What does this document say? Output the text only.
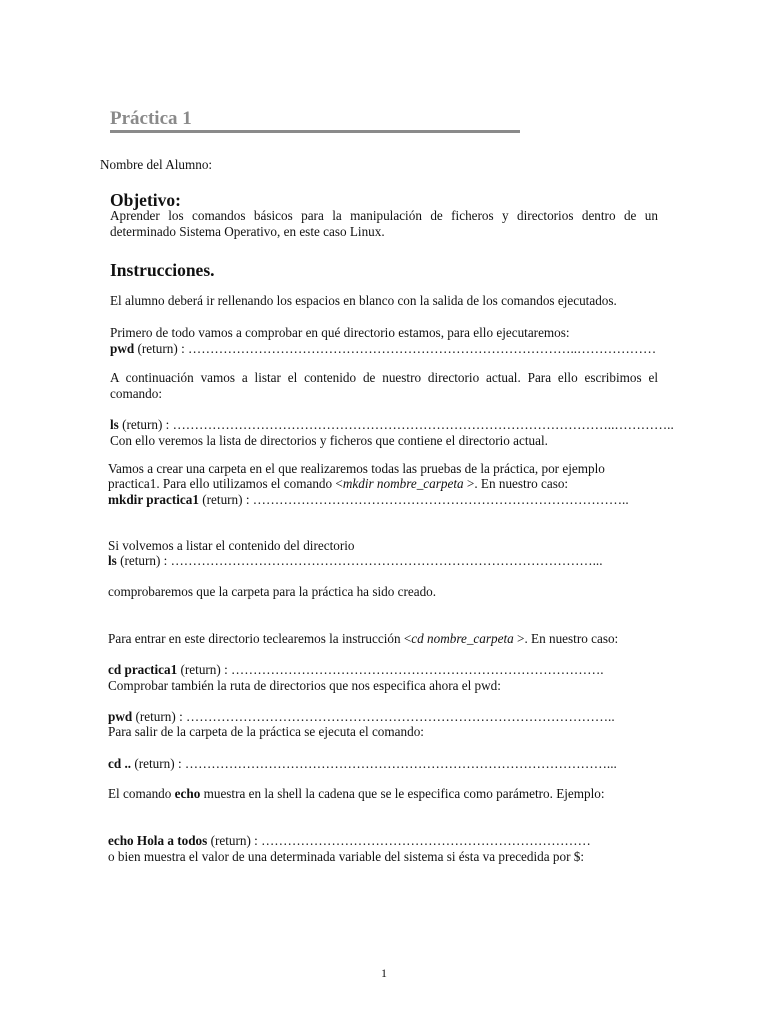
Práctica 1
Nombre del Alumno:
Objetivo:
Aprender los comandos básicos para la manipulación de ficheros y directorios dentro de un determinado Sistema Operativo, en este caso Linux.
Instrucciones.
El alumno deberá ir rellenando los espacios en blanco con la salida de los comandos ejecutados.
Primero de todo vamos a comprobar en qué directorio estamos, para ello ejecutaremos:
pwd (return) : ……………………………………………………………………………..………………
A continuación vamos a listar el contenido de nuestro directorio actual. Para ello escribimos el comando:
ls (return) : ………………………………………………………………………………………..…………..
Con ello veremos la lista de directorios y ficheros que contiene el directorio actual.
Vamos a crear una carpeta en el que realizaremos todas las pruebas de la práctica, por ejemplo
practica1. Para ello utilizamos el comando <mkdir nombre_carpeta >. En nuestro caso:
mkdir practica1 (return) : …………………………………………………………………………..
Si volvemos a listar el contenido del directorio
ls (return) : ……………………………………………………………………………………...
comprobaremos que la carpeta para la práctica ha sido creado.
Para entrar en este directorio teclearemos la instrucción <cd nombre_carpeta >. En nuestro caso:
cd practica1 (return) : ………………………………………………………………………….
Comprobar también la ruta de directorios que nos especifica ahora el pwd:
pwd (return) : ……………………………………………………………………………………..
Para salir de la carpeta de la práctica se ejecuta el comando:
cd .. (return) : ……………………………………………………………………………………...
El comando echo muestra en la shell la cadena que se le especifica como parámetro. Ejemplo:
echo Hola a todos (return) : …………………………………………………………………
o bien muestra el valor de una determinada variable del sistema si ésta va precedida por $:
1
